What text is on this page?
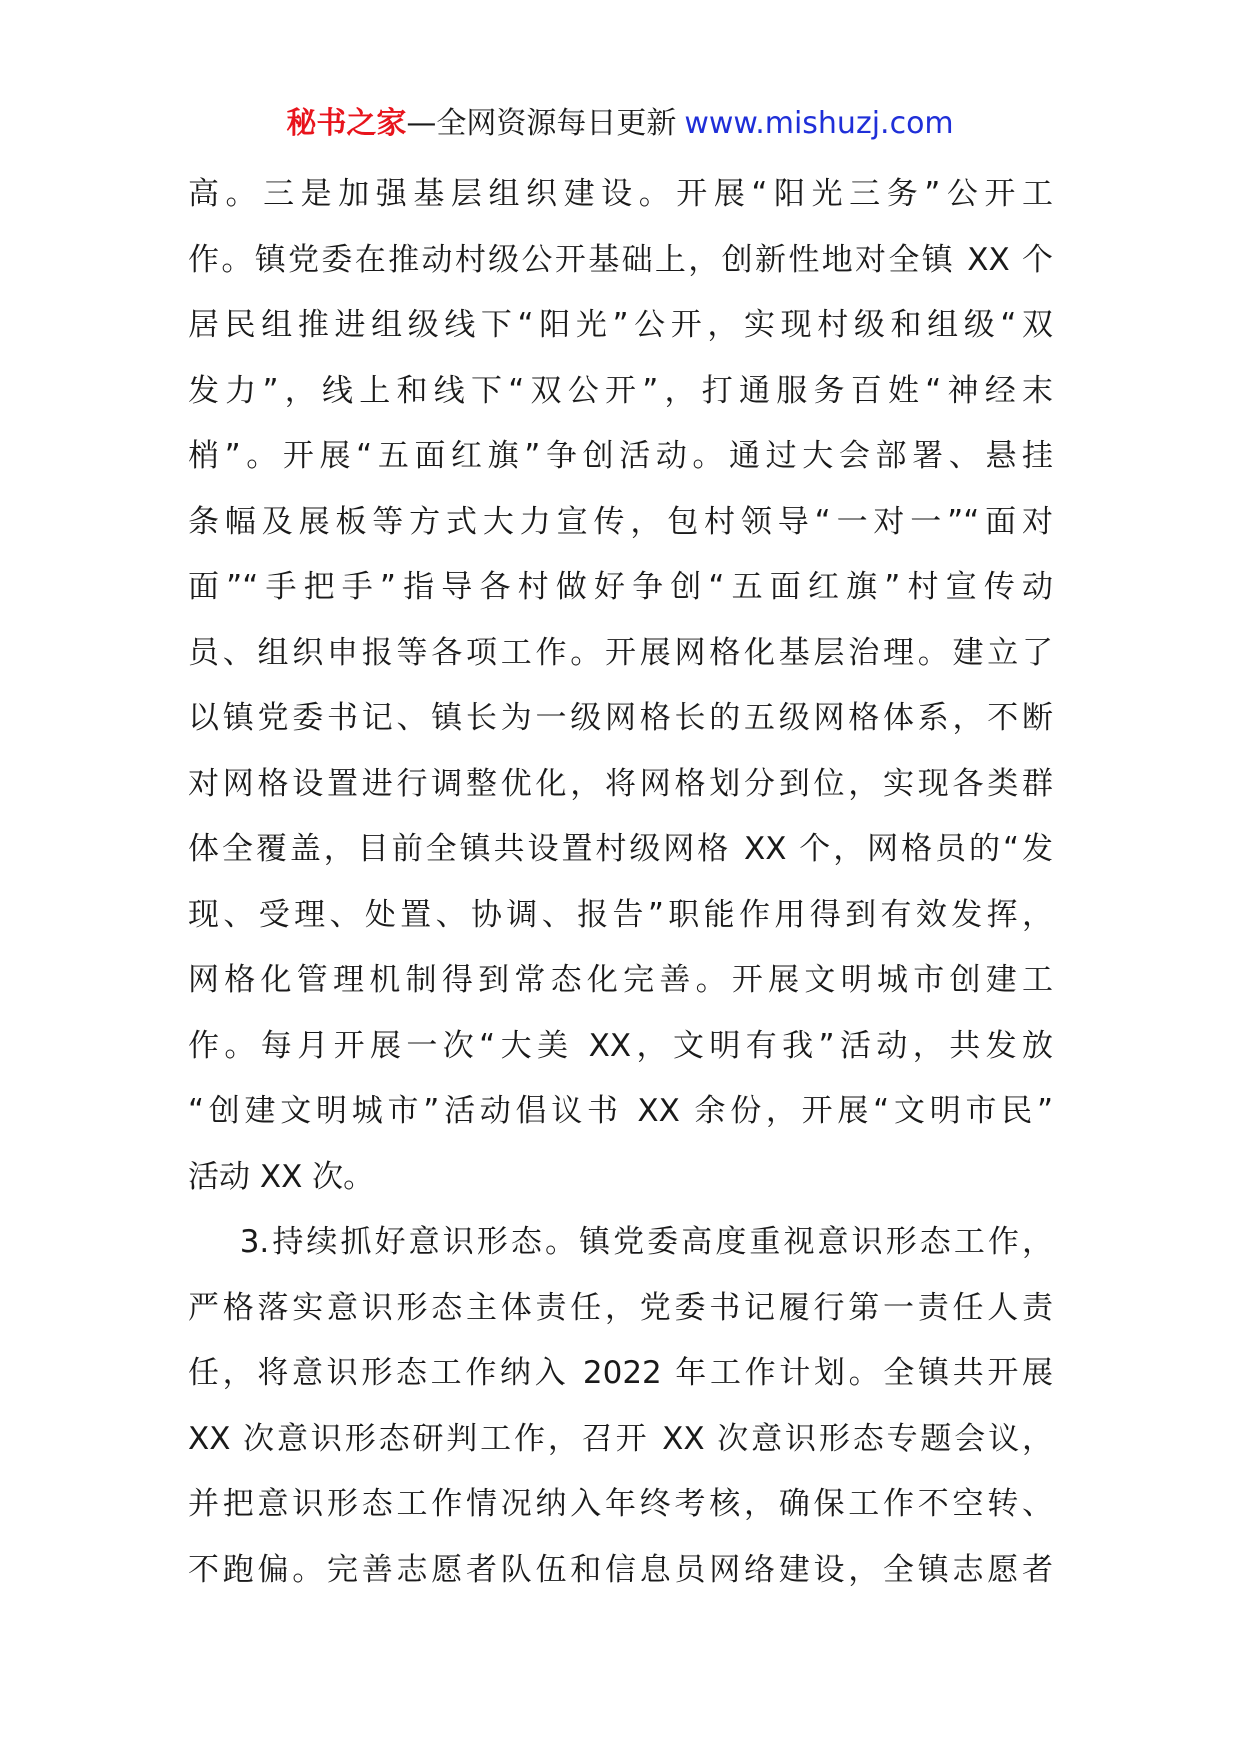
秘书之家—全网资源每日更新 www.mishuzj.com
高。三是加强基层组织建设。开展“阳光三务”公开工
作。镇党委在推动村级公开基础上，创新性地对全镇 XX 个
居民组推进组级线下“阳光”公开，实现村级和组级“双
发力”，线上和线下“双公开”，打通服务百姓“神经末
梢”。开展“五面红旗”争创活动。通过大会部署、悬挂
条幅及展板等方式大力宣传，包村领导“一对一”“面对
面”“手把手”指导各村做好争创“五面红旗”村宣传动
员、组织申报等各项工作。开展网格化基层治理。建立了
以镇党委书记、镇长为一级网格长的五级网格体系，不断
对网格设置进行调整优化，将网格划分到位，实现各类群
体全覆盖，目前全镇共设置村级网格 XX 个，网格员的“发
现、受理、处置、协调、报告”职能作用得到有效发挥，
网格化管理机制得到常态化完善。开展文明城市创建工
作。每月开展一次“大美 XX，文明有我”活动，共发放
“创建文明城市”活动倡议书 XX 余份，开展“文明市民”
活动 XX 次。
3.持续抓好意识形态。镇党委高度重视意识形态工作，
严格落实意识形态主体责任，党委书记履行第一责任人责
任，将意识形态工作纳入 2022 年工作计划。全镇共开展
XX 次意识形态研判工作，召开 XX 次意识形态专题会议，
并把意识形态工作情况纳入年终考核，确保工作不空转、
不跑偏。完善志愿者队伍和信息员网络建设，全镇志愿者
